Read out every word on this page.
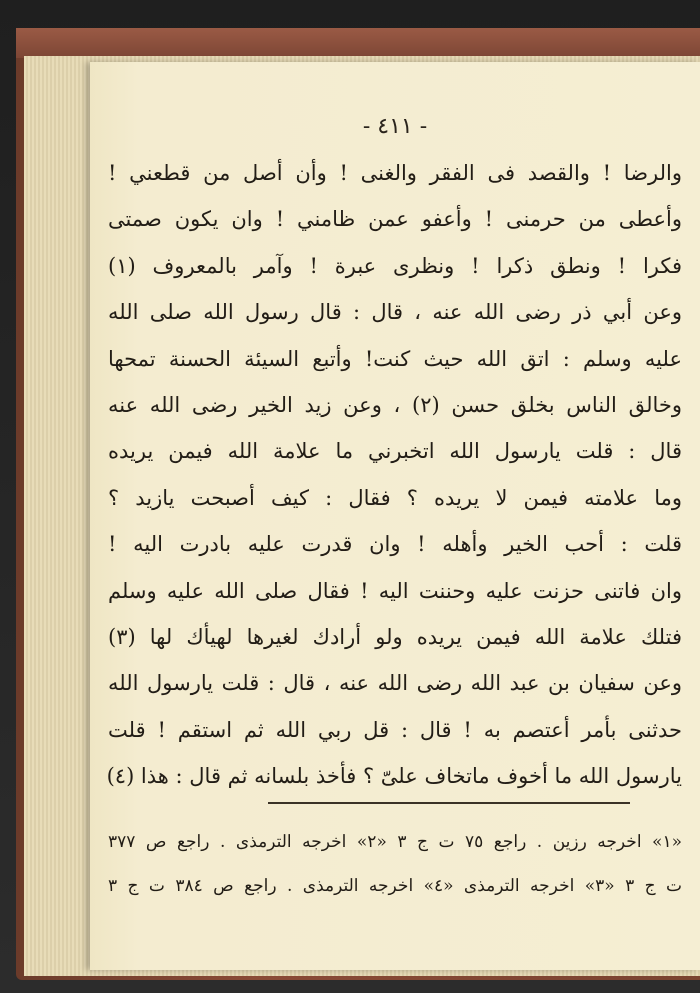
- ٤١١ -
والرضا ! والقصد فى الفقر والغنى ! وأن أصل من قطعني !
وأعطى من حرمنى ! وأعفو عمن ظامني ! وان يكون صمتى
فكرا ! ونطق ذكرا ! ونظرى عبرة ! وآمر بالمعروف (١)
وعن أبي ذر رضى الله عنه ، قال : قال رسول الله صلى الله
عليه وسلم : اتق الله حيث كنت! وأتبع السيئة الحسنة تمحها
وخالق الناس بخلق حسن (٢) ، وعن زيد الخير رضى الله عنه
قال : قلت يارسول الله اتخبرني ما علامة الله فيمن يريده
وما علامته فيمن لا يريده ؟ فقال : كيف أصبحت يازيد ؟
قلت : أحب الخير وأهله ! وان قدرت عليه بادرت اليه !
وان فاتنى حزنت عليه وحننت اليه ! فقال صلى الله عليه وسلم
فتلك علامة الله فيمن يريده ولو أرادك لغيرها لهيأك لها (٣)
وعن سفيان بن عبد الله رضى الله عنه ، قال : قلت يارسول الله
حدثنى بأمر أعتصم به ! قال : قل ربي الله ثم استقم ! قلت
يارسول الله ما أخوف ماتخاف علىّ ؟ فأخذ بلسانه ثم قال : هذا (٤)
«١» اخرجه رزين . راجع ٧٥ ت ج ٣ «٢» اخرجه الترمذى . راجع ص ٣٧٧
ت ج ٣ «٣» اخرجه الترمذى «٤» اخرجه الترمذى . راجع ص ٣٨٤ ت ج ٣
